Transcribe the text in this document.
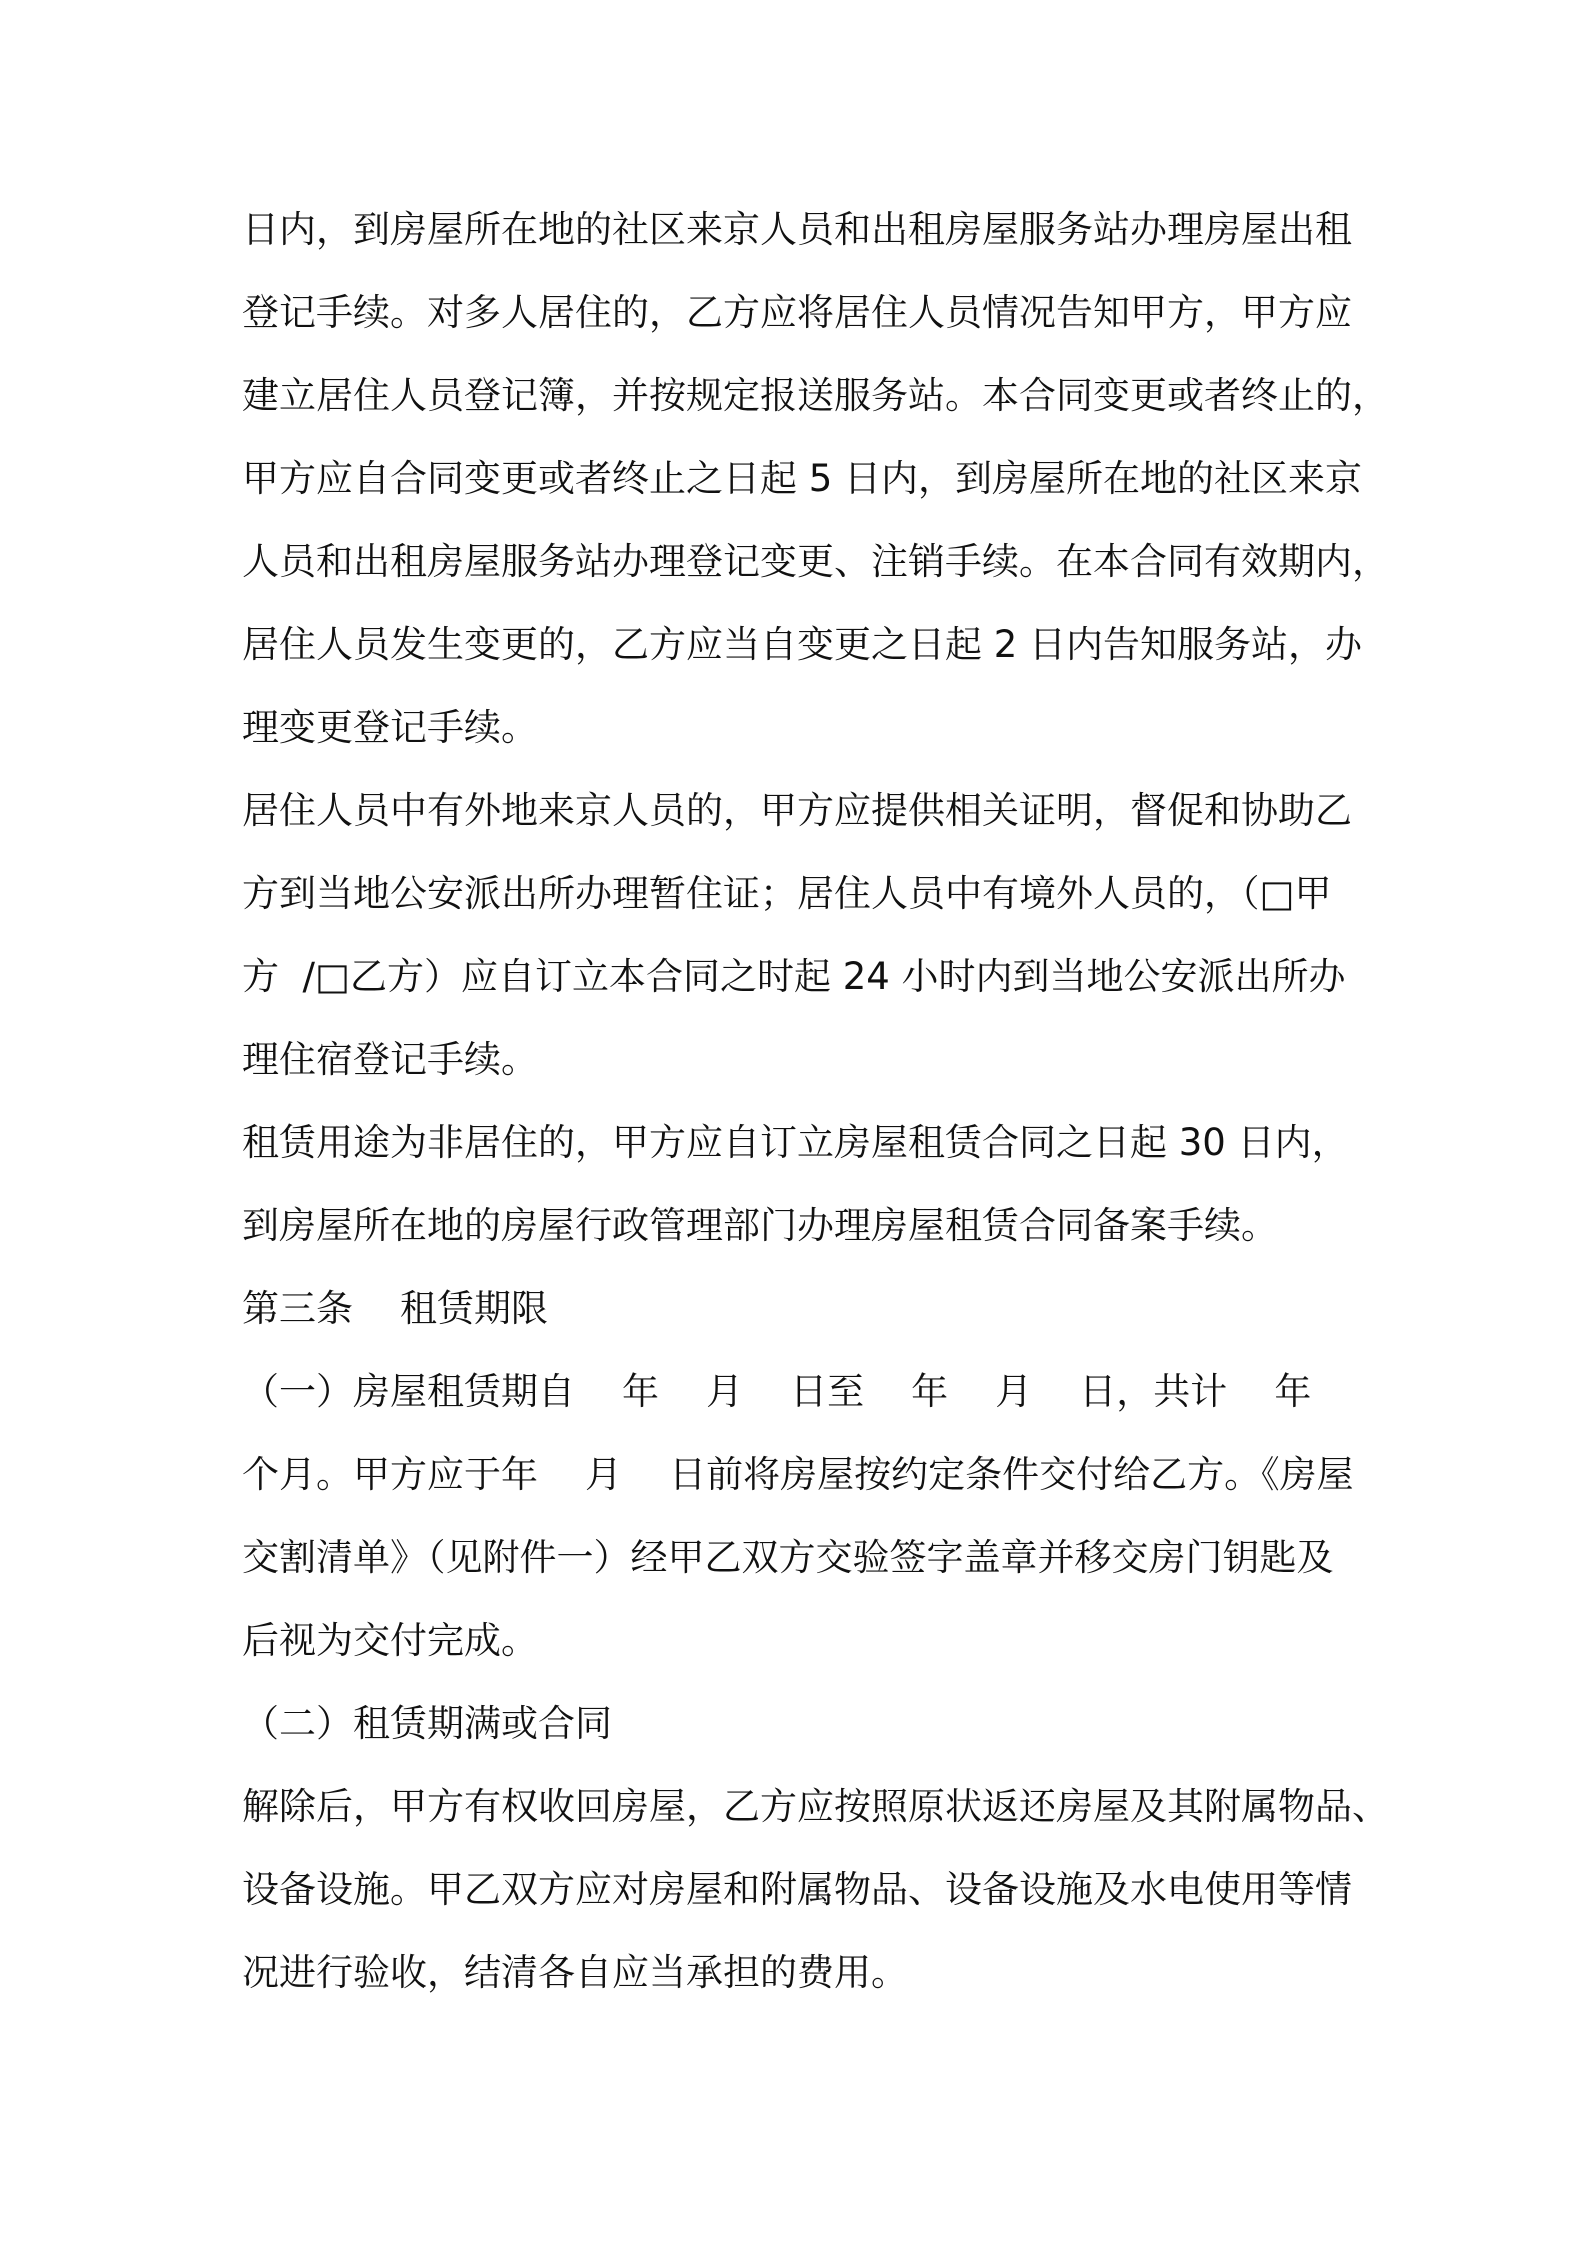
日内，到房屋所在地的社区来京人员和出租房屋服务站办理房屋出租
登记手续。对多人居住的，乙方应将居住人员情况告知甲方，甲方应
建立居住人员登记簿，并按规定报送服务站。本合同变更或者终止的，
甲方应自合同变更或者终止之日起 5 日内，到房屋所在地的社区来京
人员和出租房屋服务站办理登记变更、注销手续。在本合同有效期内，
居住人员发生变更的，乙方应当自变更之日起 2 日内告知服务站，办
理变更登记手续。
居住人员中有外地来京人员的，甲方应提供相关证明，督促和协助乙
方到当地公安派出所办理暂住证；居住人员中有境外人员的，（□甲
方  /□乙方）应自订立本合同之时起 24 小时内到当地公安派出所办
理住宿登记手续。
租赁用途为非居住的，甲方应自订立房屋租赁合同之日起 30 日内，
到房屋所在地的房屋行政管理部门办理房屋租赁合同备案手续。
第三条    租赁期限
（一）房屋租赁期自    年    月    日至    年    月    日，共计    年
个月。甲方应于年    月    日前将房屋按约定条件交付给乙方。《房屋
交割清单》（见附件一）经甲乙双方交验签字盖章并移交房门钥匙及
后视为交付完成。
（二）租赁期满或合同
解除后，甲方有权收回房屋，乙方应按照原状返还房屋及其附属物品、
设备设施。甲乙双方应对房屋和附属物品、设备设施及水电使用等情
况进行验收，结清各自应当承担的费用。
